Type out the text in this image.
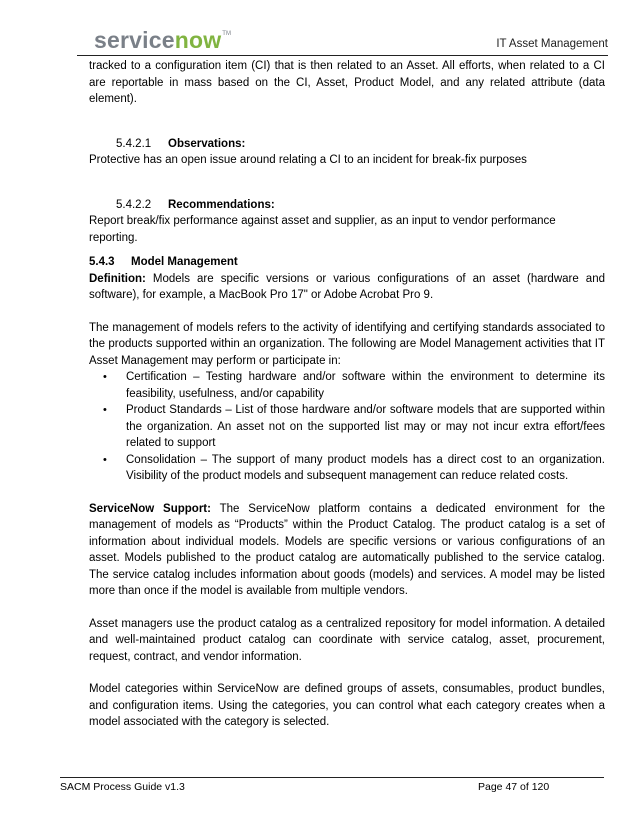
service now TM
IT Asset Management

tracked to a configuration item (CI) that is then related to an Asset. All efforts, when related to a CI are reportable in mass based on the CI, Asset, Product Model, and any related attribute (data element).

5.4.2.1 Observations:

Protective has an open issue around relating a CI to an incident for break-fix purposes

5.4.2.2 Recommendations:

Report break/fix performance against asset and supplier, as an input to vendor performance reporting.

5.4.3 Model Management

Definition: Models are specific versions or various configurations of an asset (hardware and software), for example, a MacBook Pro 17" or Adobe Acrobat Pro 9.

The management of models refers to the activity of identifying and certifying standards associated to the products supported within an organization. The following are Model Management activities that IT Asset Management may perform or participate in:

• Certification – Testing hardware and/or software within the environment to determine its feasibility, usefulness, and/or capability
• Product Standards – List of those hardware and/or software models that are supported within the organization. An asset not on the supported list may or may not incur extra effort/fees related to support
• Consolidation – The support of many product models has a direct cost to an organization. Visibility of the product models and subsequent management can reduce related costs.

ServiceNow Support: The ServiceNow platform contains a dedicated environment for the management of models as “Products” within the Product Catalog. The product catalog is a set of information about individual models. Models are specific versions or various configurations of an asset. Models published to the product catalog are automatically published to the service catalog. The service catalog includes information about goods (models) and services. A model may be listed more than once if the model is available from multiple vendors.

Asset managers use the product catalog as a centralized repository for model information. A detailed and well-maintained product catalog can coordinate with service catalog, asset, procurement, request, contract, and vendor information.

Model categories within ServiceNow are defined groups of assets, consumables, product bundles, and configuration items. Using the categories, you can control what each category creates when a model associated with the category is selected.

SACM Process Guide v1.3	Page 47 of 120
